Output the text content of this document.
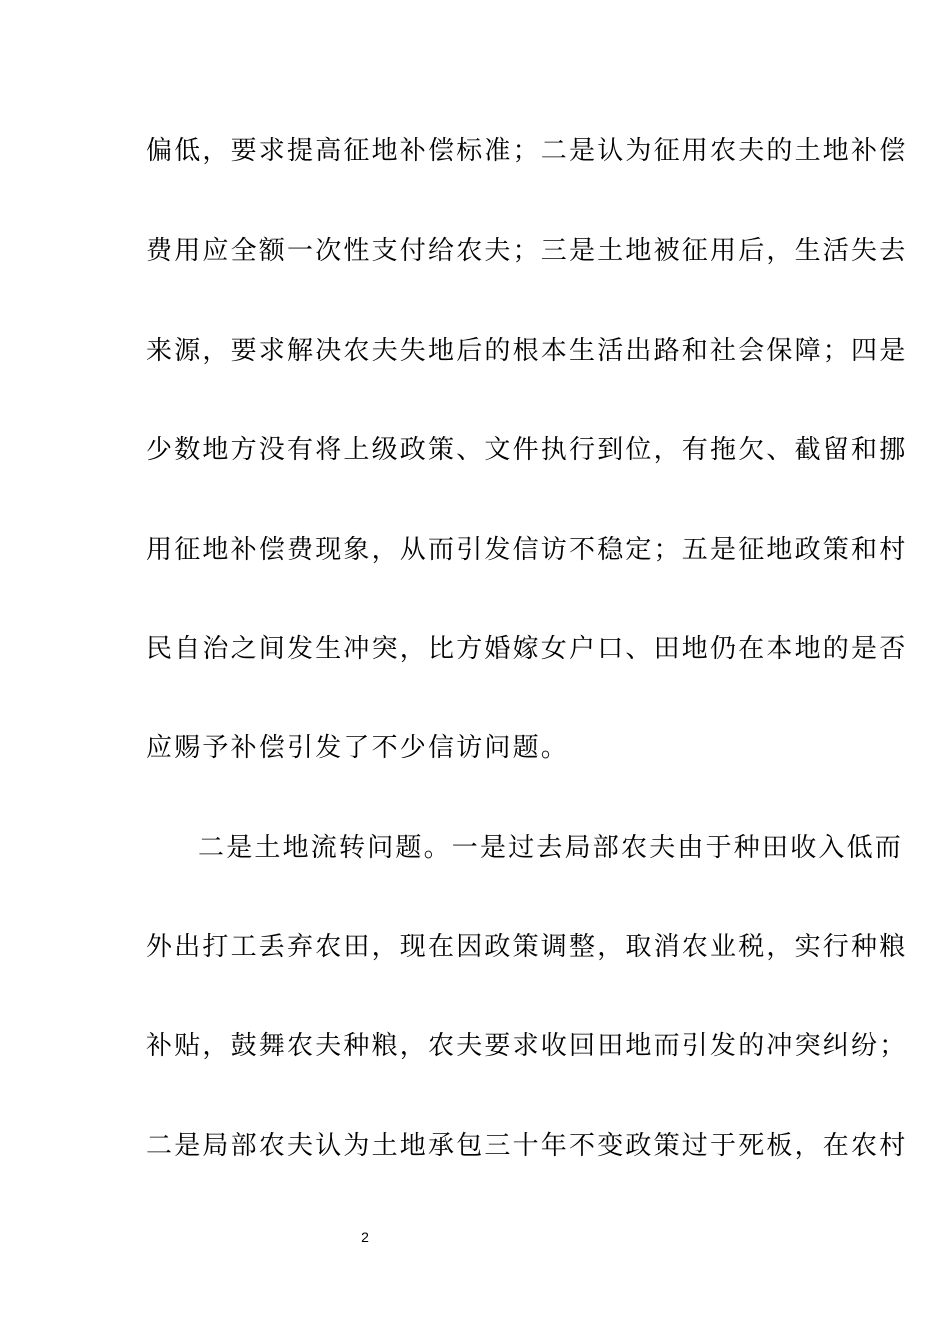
偏低，要求提高征地补偿标准；二是认为征用农夫的土地补偿
费用应全额一次性支付给农夫；三是土地被征用后，生活失去
来源，要求解决农夫失地后的根本生活出路和社会保障；四是
少数地方没有将上级政策、文件执行到位，有拖欠、截留和挪
用征地补偿费现象，从而引发信访不稳定；五是征地政策和村
民自治之间发生冲突，比方婚嫁女户口、田地仍在本地的是否
应赐予补偿引发了不少信访问题。
二是土地流转问题。一是过去局部农夫由于种田收入低而
外出打工丢弃农田，现在因政策调整，取消农业税，实行种粮
补贴，鼓舞农夫种粮，农夫要求收回田地而引发的冲突纠纷；
二是局部农夫认为土地承包三十年不变政策过于死板，在农村
2
